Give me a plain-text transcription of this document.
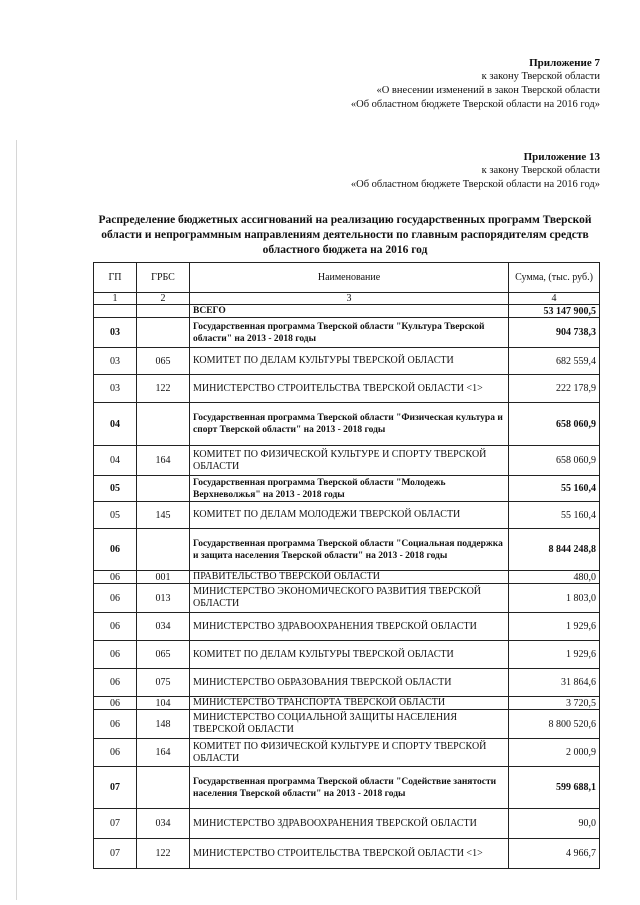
Приложение 7
к закону Тверской области
«О внесении изменений в закон Тверской области
«Об областном бюджете Тверской области на 2016 год»
Приложение 13
к закону Тверской области
«Об областном бюджете Тверской области на 2016 год»
Распределение бюджетных ассигнований на реализацию государственных программ Тверской области и непрограммным направлениям деятельности по главным распорядителям средств областного бюджета на 2016 год
ГП	ГРБС	Наименование	Сумма, (тыс. руб.)
1	2	3	4
		ВСЕГО	53 147 900,5
03		Государственная программа Тверской области "Культура Тверской области" на 2013 - 2018 годы	904 738,3
03	065	КОМИТЕТ ПО ДЕЛАМ КУЛЬТУРЫ ТВЕРСКОЙ ОБЛАСТИ	682 559,4
03	122	МИНИСТЕРСТВО СТРОИТЕЛЬСТВА ТВЕРСКОЙ ОБЛАСТИ <1>	222 178,9
04		Государственная программа Тверской области "Физическая культура и спорт Тверской области" на 2013 - 2018 годы	658 060,9
04	164	КОМИТЕТ ПО ФИЗИЧЕСКОЙ КУЛЬТУРЕ И СПОРТУ ТВЕРСКОЙ ОБЛАСТИ	658 060,9
05		Государственная программа Тверской области "Молодежь Верхневолжья" на 2013 - 2018 годы	55 160,4
05	145	КОМИТЕТ ПО ДЕЛАМ МОЛОДЕЖИ ТВЕРСКОЙ ОБЛАСТИ	55 160,4
06		Государственная программа Тверской области "Социальная поддержка и защита населения Тверской области" на 2013 - 2018 годы	8 844 248,8
06	001	ПРАВИТЕЛЬСТВО ТВЕРСКОЙ ОБЛАСТИ	480,0
06	013	МИНИСТЕРСТВО ЭКОНОМИЧЕСКОГО РАЗВИТИЯ ТВЕРСКОЙ ОБЛАСТИ	1 803,0
06	034	МИНИСТЕРСТВО ЗДРАВООХРАНЕНИЯ ТВЕРСКОЙ ОБЛАСТИ	1 929,6
06	065	КОМИТЕТ ПО ДЕЛАМ КУЛЬТУРЫ ТВЕРСКОЙ ОБЛАСТИ	1 929,6
06	075	МИНИСТЕРСТВО ОБРАЗОВАНИЯ ТВЕРСКОЙ ОБЛАСТИ	31 864,6
06	104	МИНИСТЕРСТВО ТРАНСПОРТА ТВЕРСКОЙ ОБЛАСТИ	3 720,5
06	148	МИНИСТЕРСТВО СОЦИАЛЬНОЙ ЗАЩИТЫ НАСЕЛЕНИЯ ТВЕРСКОЙ ОБЛАСТИ	8 800 520,6
06	164	КОМИТЕТ ПО ФИЗИЧЕСКОЙ КУЛЬТУРЕ И СПОРТУ ТВЕРСКОЙ ОБЛАСТИ	2 000,9
07		Государственная программа Тверской области "Содействие занятости населения Тверской области" на 2013 - 2018 годы	599 688,1
07	034	МИНИСТЕРСТВО ЗДРАВООХРАНЕНИЯ ТВЕРСКОЙ ОБЛАСТИ	90,0
07	122	МИНИСТЕРСТВО СТРОИТЕЛЬСТВА ТВЕРСКОЙ ОБЛАСТИ <1>	4 966,7
